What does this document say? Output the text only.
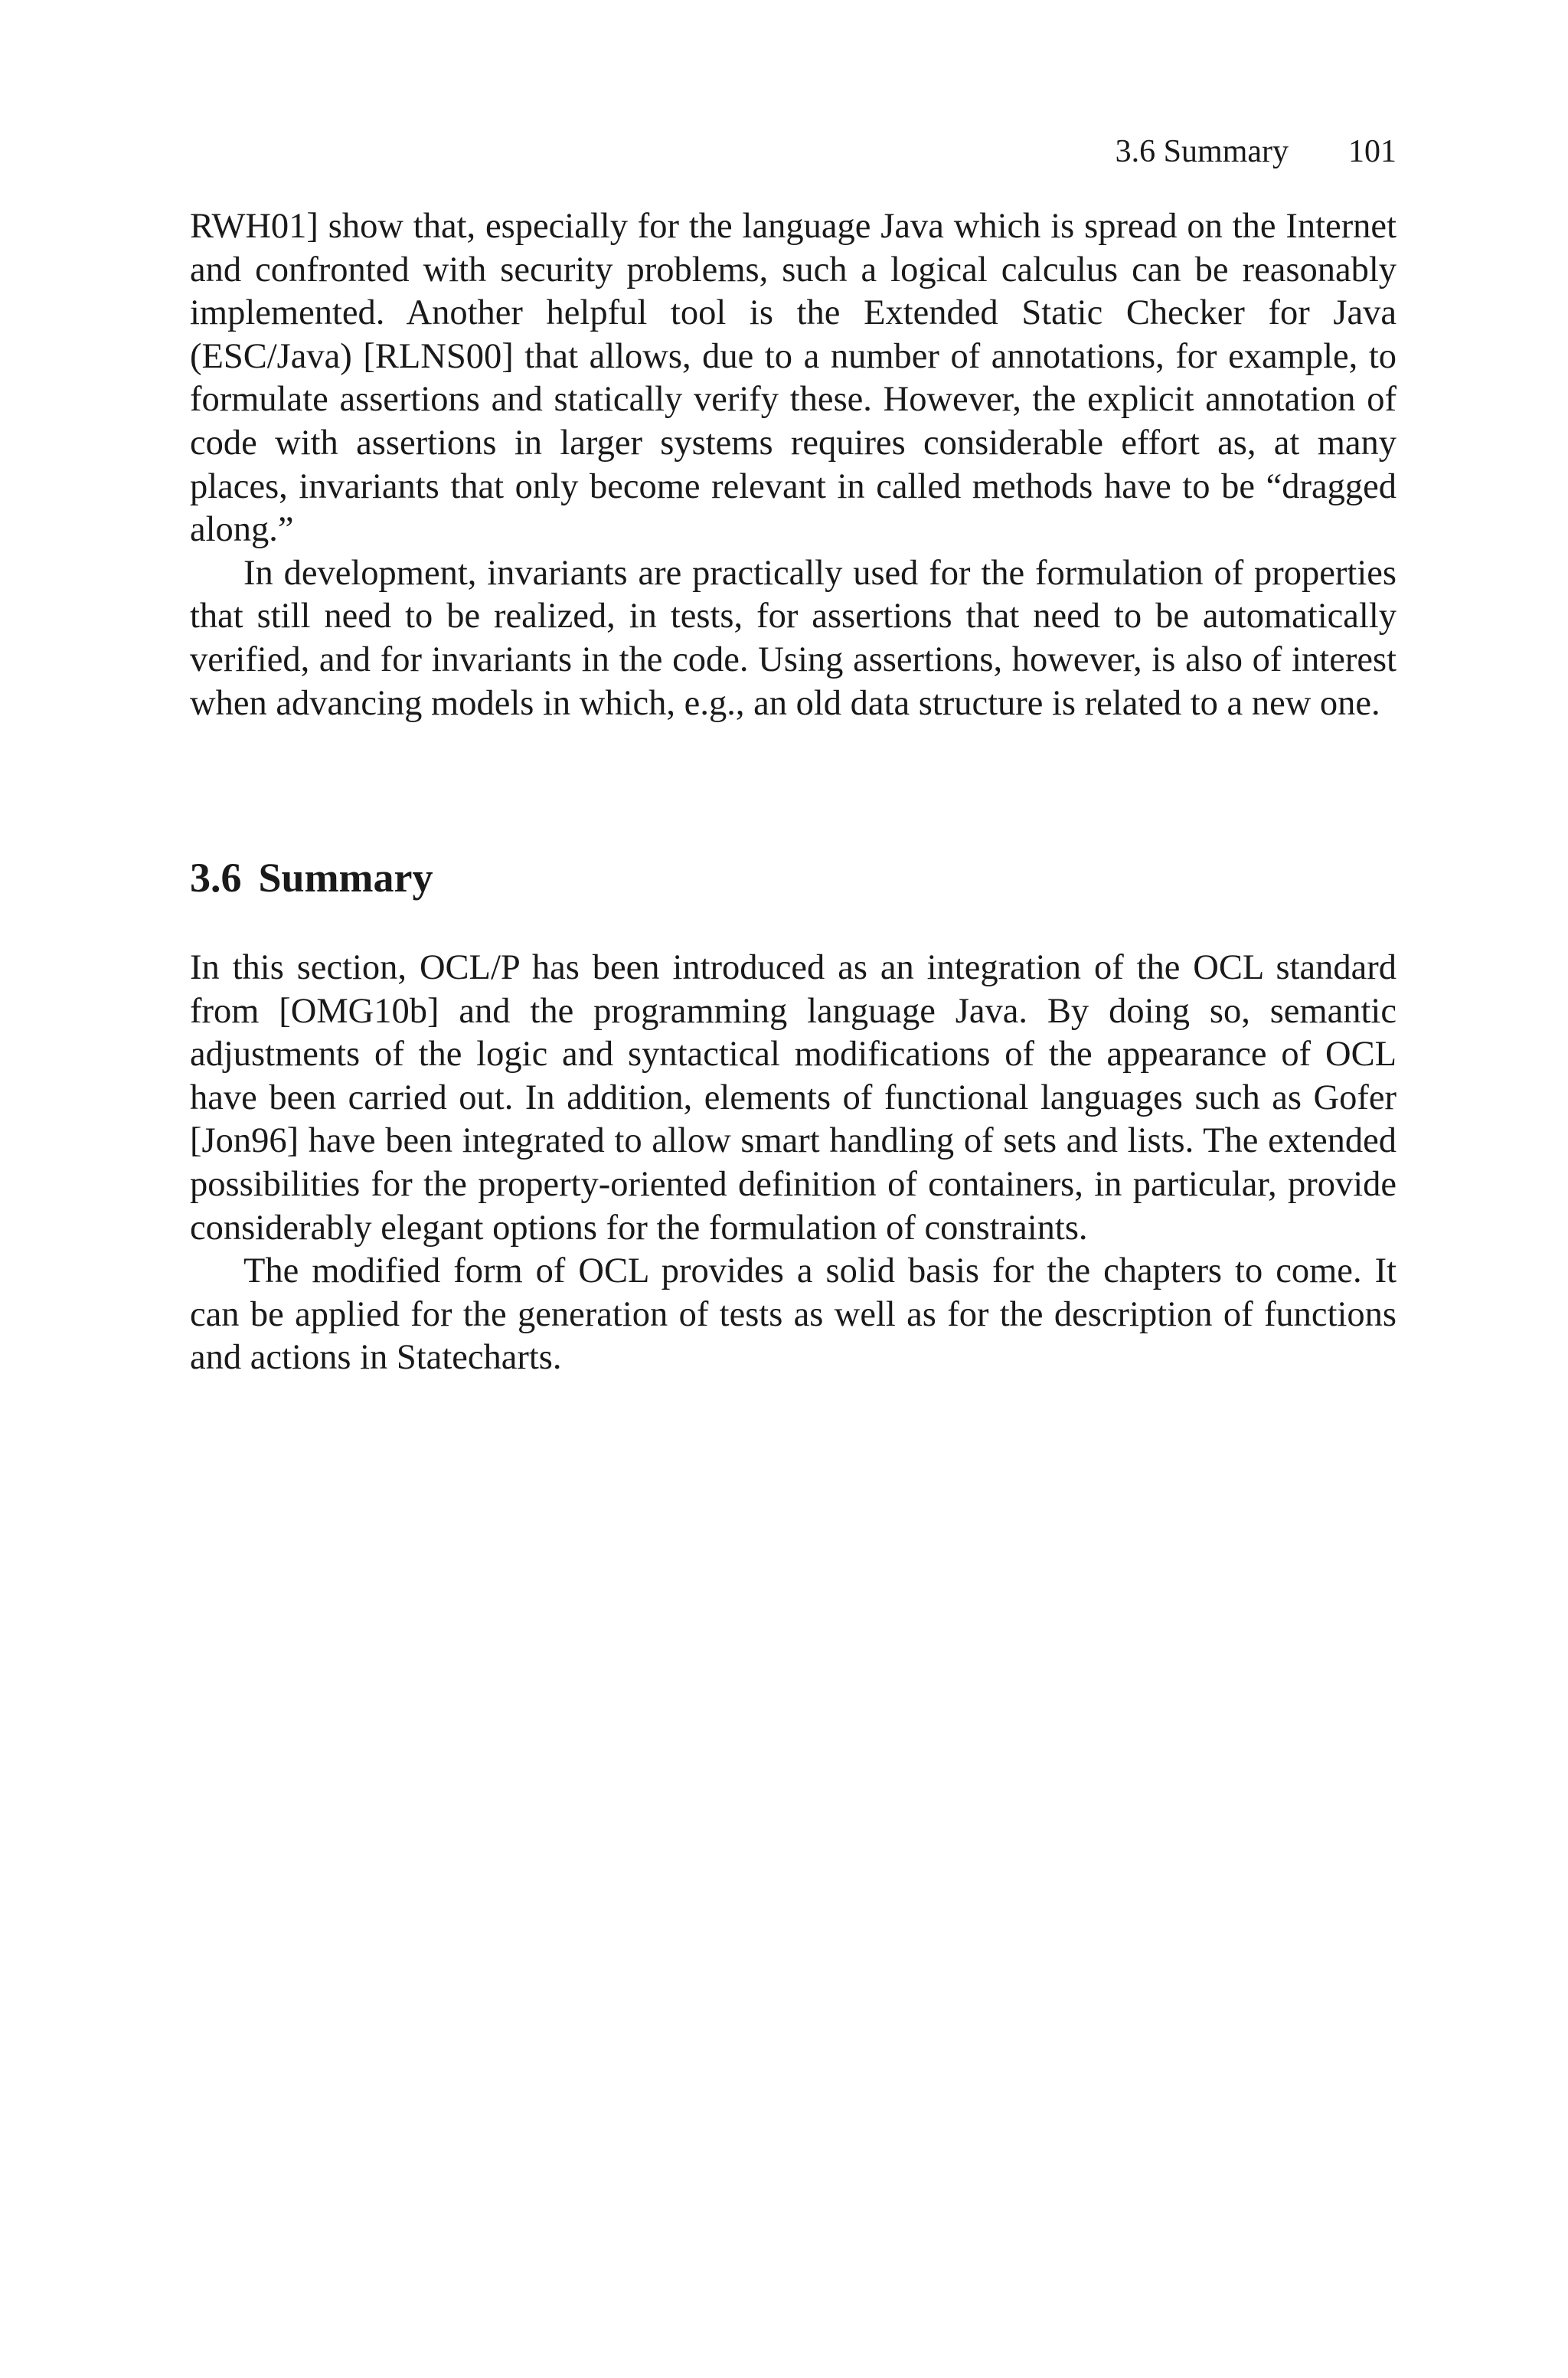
3.6 Summary 101

RWH01] show that, especially for the language Java which is spread on the Internet and confronted with security problems, such a logical calculus can be reasonably implemented. Another helpful tool is the Extended Static Checker for Java (ESC/Java) [RLNS00] that allows, due to a number of annotations, for example, to formulate assertions and statically verify these. However, the explicit annotation of code with assertions in larger systems requires considerable effort as, at many places, invariants that only become relevant in called methods have to be “dragged along.”

In development, invariants are practically used for the formulation of properties that still need to be realized, in tests, for assertions that need to be automatically verified, and for invariants in the code. Using assertions, however, is also of interest when advancing models in which, e.g., an old data structure is related to a new one.

3.6 Summary

In this section, OCL/P has been introduced as an integration of the OCL standard from [OMG10b] and the programming language Java. By doing so, semantic adjustments of the logic and syntactical modifications of the appearance of OCL have been carried out. In addition, elements of functional languages such as Gofer [Jon96] have been integrated to allow smart handling of sets and lists. The extended possibilities for the property-oriented definition of containers, in particular, provide considerably elegant options for the formulation of constraints.

The modified form of OCL provides a solid basis for the chapters to come. It can be applied for the generation of tests as well as for the description of functions and actions in Statecharts.
